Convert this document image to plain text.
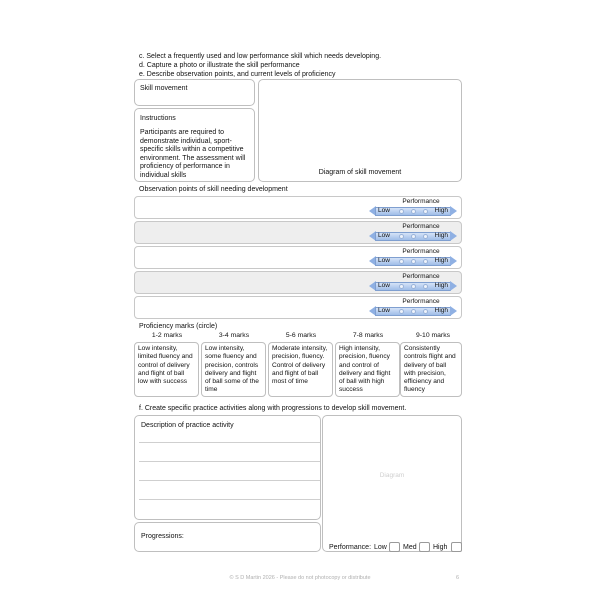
c. Select a frequently used and low performance skill which needs developing.
d. Capture a photo or illustrate the skill performance
e. Describe observation points, and current levels of proficiency
Skill movement
Instructions
Participants are required to demonstrate individual, sport-specific skills within a competitive environment. The assessment will proficiency of performance in individual skills	Diagram of skill movement
Observation points of skill needing development
Performance
Low	High
Performance
Low	High
Performance
Low	High
Performance
Low	High
Performance
Low	High
Proficiency marks (circle)
1-2 marks	3-4 marks	5-6 marks	7-8 marks	9-10 marks
Low intensity, limited fluency and control of delivery and flight of ball low with success
Low intensity, some fluency and precision, controls delivery and flight of ball some of the time
Moderate intensity, precision, fluency. Control of delivery and flight of ball most of time
High intensity, precision, fluency and control of delivery and flight of ball with high success
Consistently controls flight and delivery of ball with precision, efficiency and fluency
f. Create specific practice activities along with progressions to develop skill movement.
Description of practice activity
Diagram
Progressions:
Performance: Low Med High
© S D Martin 2026 - Please do not photocopy or distribute	6
